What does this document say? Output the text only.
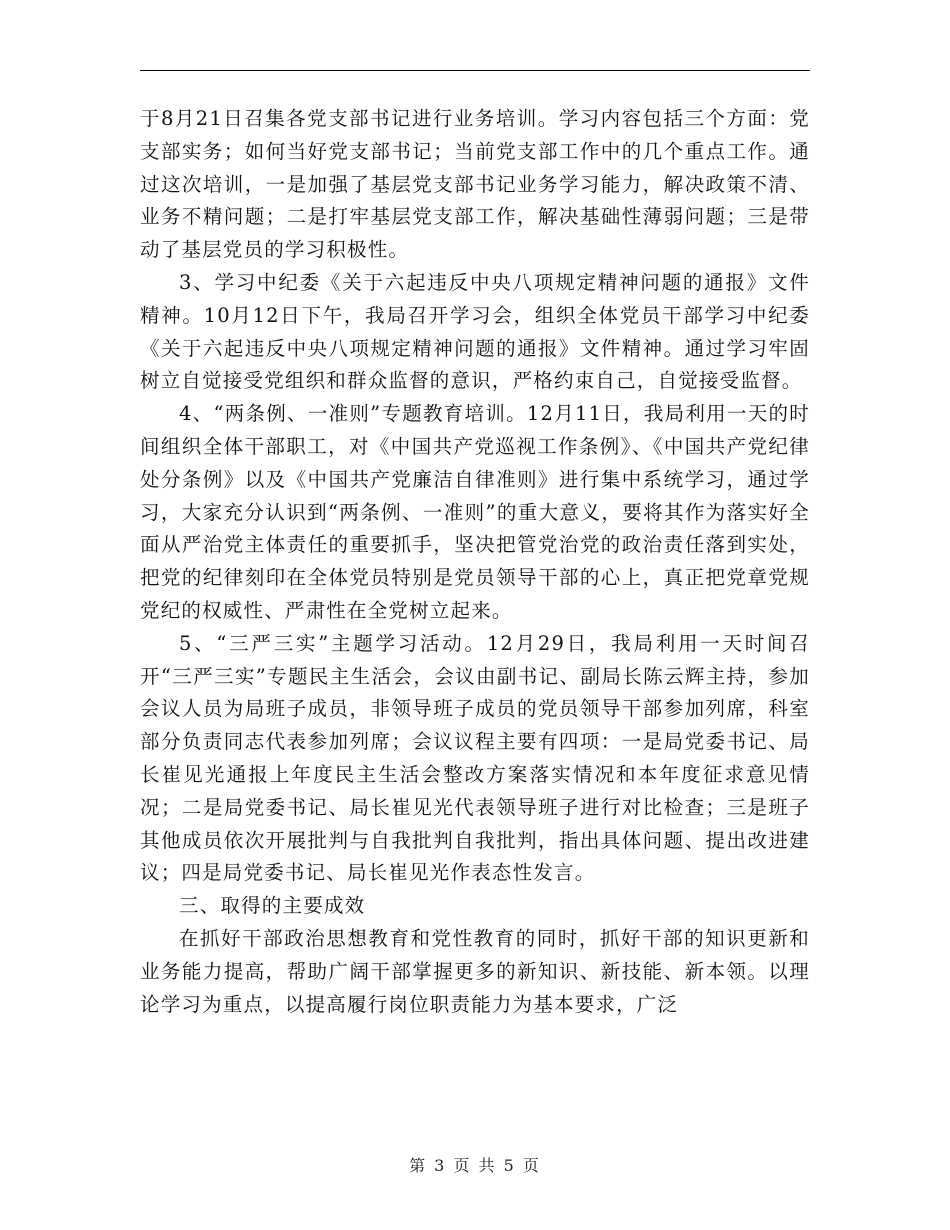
于8月21日召集各党支部书记进行业务培训。学习内容包括三个方面：党支部实务；如何当好党支部书记；当前党支部工作中的几个重点工作。通过这次培训，一是加强了基层党支部书记业务学习能力，解决政策不清、业务不精问题；二是打牢基层党支部工作，解决基础性薄弱问题；三是带动了基层党员的学习积极性。

3、学习中纪委《关于六起违反中央八项规定精神问题的通报》文件精神。10月12日下午，我局召开学习会，组织全体党员干部学习中纪委《关于六起违反中央八项规定精神问题的通报》文件精神。通过学习牢固树立自觉接受党组织和群众监督的意识，严格约束自己，自觉接受监督。

4、“两条例、一准则”专题教育培训。12月11日，我局利用一天的时间组织全体干部职工，对《中国共产党巡视工作条例》、《中国共产党纪律处分条例》以及《中国共产党廉洁自律准则》进行集中系统学习，通过学习，大家充分认识到“两条例、一准则”的重大意义，要将其作为落实好全面从严治党主体责任的重要抓手，坚决把管党治党的政治责任落到实处，把党的纪律刻印在全体党员特别是党员领导干部的心上，真正把党章党规党纪的权威性、严肃性在全党树立起来。

5、“三严三实”主题学习活动。12月29日，我局利用一天时间召开“三严三实”专题民主生活会，会议由副书记、副局长陈云辉主持，参加会议人员为局班子成员，非领导班子成员的党员领导干部参加列席，科室部分负责同志代表参加列席；会议议程主要有四项：一是局党委书记、局长崔见光通报上年度民主生活会整改方案落实情况和本年度征求意见情况；二是局党委书记、局长崔见光代表领导班子进行对比检查；三是班子其他成员依次开展批判与自我批判自我批判，指出具体问题、提出改进建议；四是局党委书记、局长崔见光作表态性发言。

三、取得的主要成效

在抓好干部政治思想教育和党性教育的同时，抓好干部的知识更新和业务能力提高，帮助广阔干部掌握更多的新知识、新技能、新本领。以理论学习为重点，以提高履行岗位职责能力为基本要求，广泛

第 3 页 共 5 页
